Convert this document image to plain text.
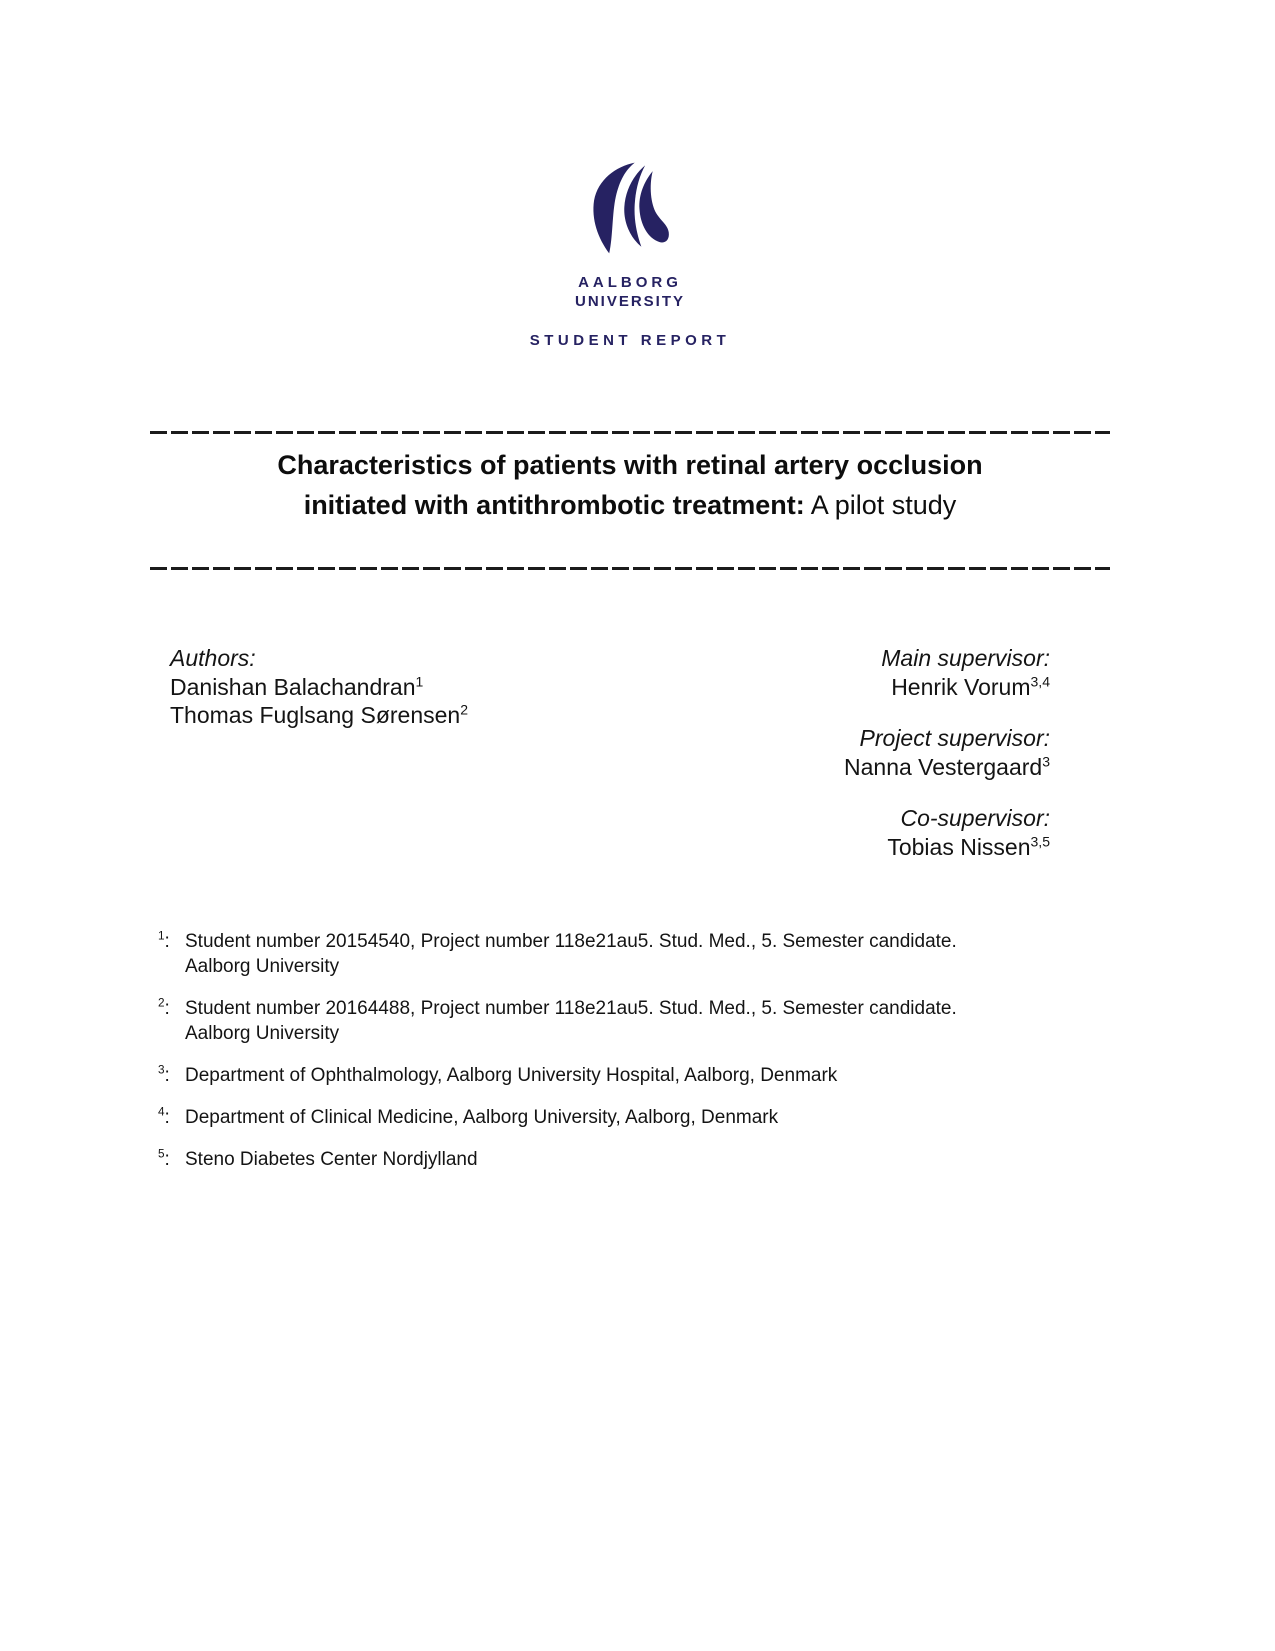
AALBORG
UNIVERSITY
STUDENT REPORT
Characteristics of patients with retinal artery occlusion
initiated with antithrombotic treatment: A pilot study
Authors:
Danishan Balachandran$^1$
Thomas Fuglsang Sørensen$^2$
Main supervisor:
Henrik Vorum$^{3,4}$
Project supervisor:
Nanna Vestergaard$^3$
Co-supervisor:
Tobias Nissen$^{3,5}$
$^1$: Student number 20154540, Project number 118e21au5. Stud. Med., 5. Semester candidate.
Aalborg University
$^2$: Student number 20164488, Project number 118e21au5. Stud. Med., 5. Semester candidate.
Aalborg University
$^3$: Department of Ophthalmology, Aalborg University Hospital, Aalborg, Denmark
$^4$: Department of Clinical Medicine, Aalborg University, Aalborg, Denmark
$^5$: Steno Diabetes Center Nordjylland
